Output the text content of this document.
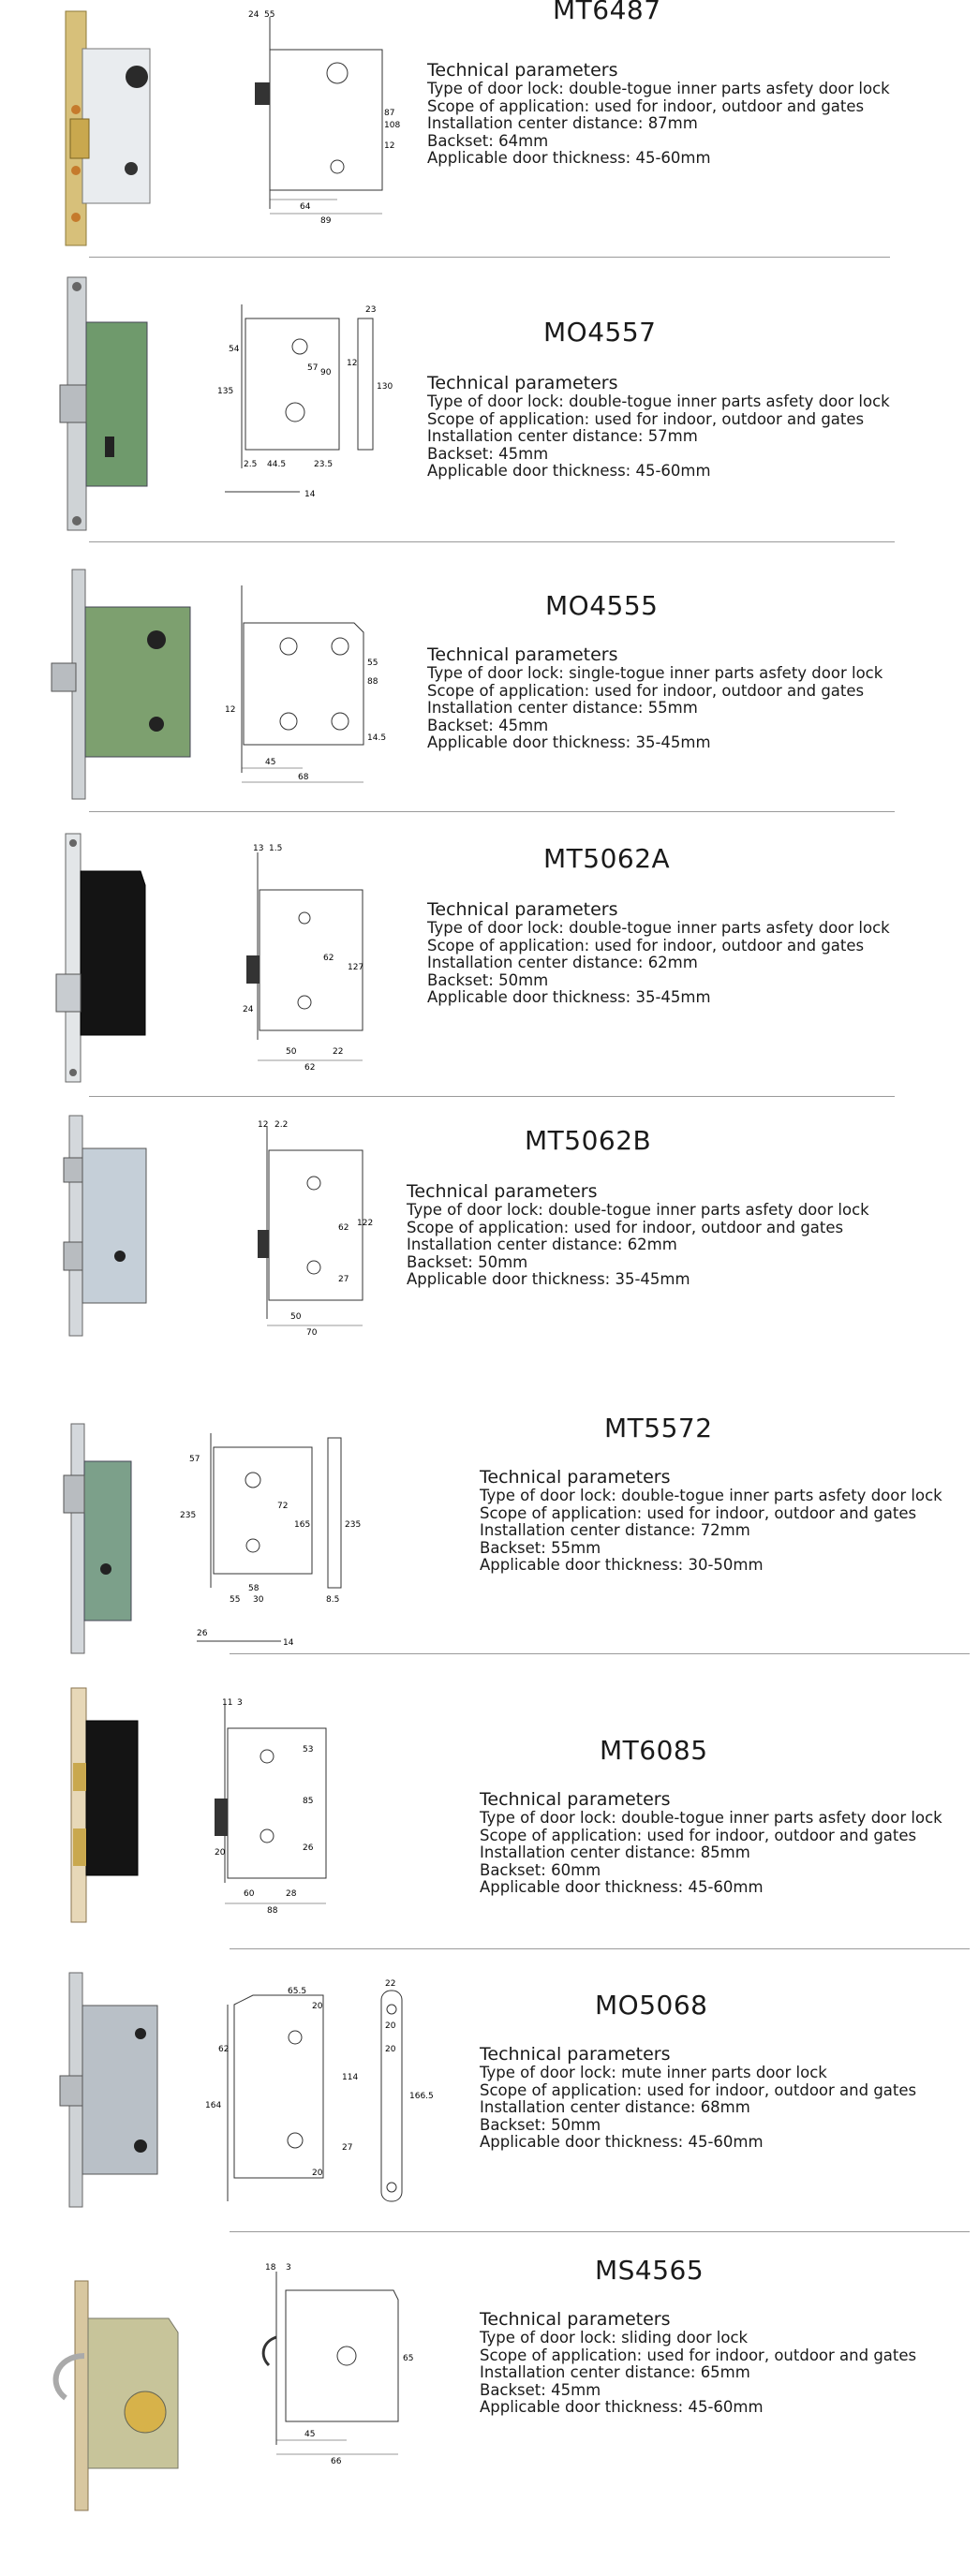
24 55
87
108
12
64
89
MT6487
Technical parameters
Type of door lock: double-togue inner parts asfety door lock
Scope of application: used for indoor, outdoor and gates
Installation center distance: 87mm
Backset: 64mm
Applicable door thickness: 45-60mm
54
135
57 90
2.5 44.5	23.5
23
130
12
14
MO4557
Technical parameters
Type of door lock: double-togue inner parts asfety door lock
Scope of application: used for indoor, outdoor and gates
Installation center distance: 57mm
Backset: 45mm
Applicable door thickness: 45-60mm
12
55
88
14.5
45
68
MO4555
Technical parameters
Type of door lock: single-togue inner parts asfety door lock
Scope of application: used for indoor, outdoor and gates
Installation center distance: 55mm
Backset: 45mm
Applicable door thickness: 35-45mm
13 1.5
62
127
24
50	22
62
MT5062A
Technical parameters
Type of door lock: double-togue inner parts asfety door lock
Scope of application: used for indoor, outdoor and gates
Installation center distance: 62mm
Backset: 50mm
Applicable door thickness: 35-45mm
12 2.2
62 122
27
50
70
MT5062B
Technical parameters
Type of door lock: double-togue inner parts asfety door lock
Scope of application: used for indoor, outdoor and gates
Installation center distance: 62mm
Backset: 50mm
Applicable door thickness: 35-45mm
235
57
72
165
55 30
58
235
8.5
26
14
MT5572
Technical parameters
Type of door lock: double-togue inner parts asfety door lock
Scope of application: used for indoor, outdoor and gates
Installation center distance: 72mm
Backset: 55mm
Applicable door thickness: 30-50mm
11 3
53
85
26
20
60	28
88
MT6085
Technical parameters
Type of door lock: double-togue inner parts asfety door lock
Scope of application: used for indoor, outdoor and gates
Installation center distance: 85mm
Backset: 60mm
Applicable door thickness: 45-60mm
65.5
20
62
114
27
20
166.5
22
20
20
164
MO5068
Technical parameters
Type of door lock: mute inner parts door lock
Scope of application: used for indoor, outdoor and gates
Installation center distance: 68mm
Backset: 50mm
Applicable door thickness: 45-60mm
18 3
65
45
66
MS4565
Technical parameters
Type of door lock: sliding door lock
Scope of application: used for indoor, outdoor and gates
Installation center distance: 65mm
Backset: 45mm
Applicable door thickness: 45-60mm
